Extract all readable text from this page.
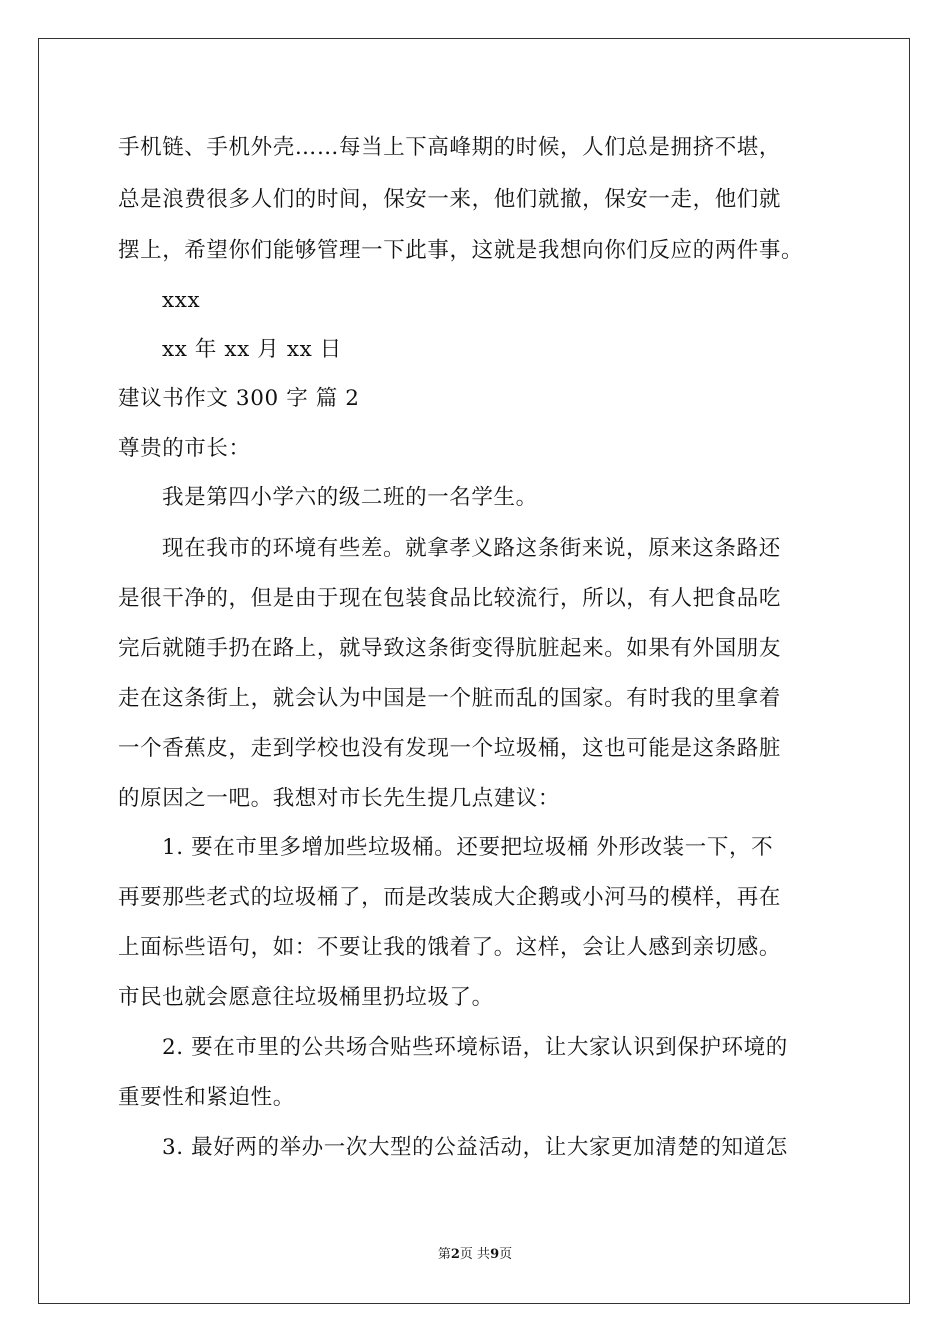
手机链、手机外壳……每当上下高峰期的时候，人们总是拥挤不堪，
总是浪费很多人们的时间，保安一来，他们就撤，保安一走，他们就
摆上，希望你们能够管理一下此事，这就是我想向你们反应的两件事。
xxx
xx 年 xx 月 xx 日
建议书作文 300 字 篇 2
尊贵的市长：
我是第四小学六的级二班的一名学生。
现在我市的环境有些差。就拿孝义路这条街来说，原来这条路还
是很干净的，但是由于现在包装食品比较流行，所以，有人把食品吃
完后就随手扔在路上，就导致这条街变得肮脏起来。如果有外国朋友
走在这条街上，就会认为中国是一个脏而乱的国家。有时我的里拿着
一个香蕉皮，走到学校也没有发现一个垃圾桶，这也可能是这条路脏
的原因之一吧。我想对市长先生提几点建议：
1. 要在市里多增加些垃圾桶。还要把垃圾桶 外形改装一下，不
再要那些老式的垃圾桶了，而是改装成大企鹅或小河马的模样，再在
上面标些语句，如：不要让我的饿着了。这样，会让人感到亲切感。
市民也就会愿意往垃圾桶里扔垃圾了。
2. 要在市里的公共场合贴些环境标语，让大家认识到保护环境的
重要性和紧迫性。
3. 最好两的举办一次大型的公益活动，让大家更加清楚的知道怎
第2页 共9页
